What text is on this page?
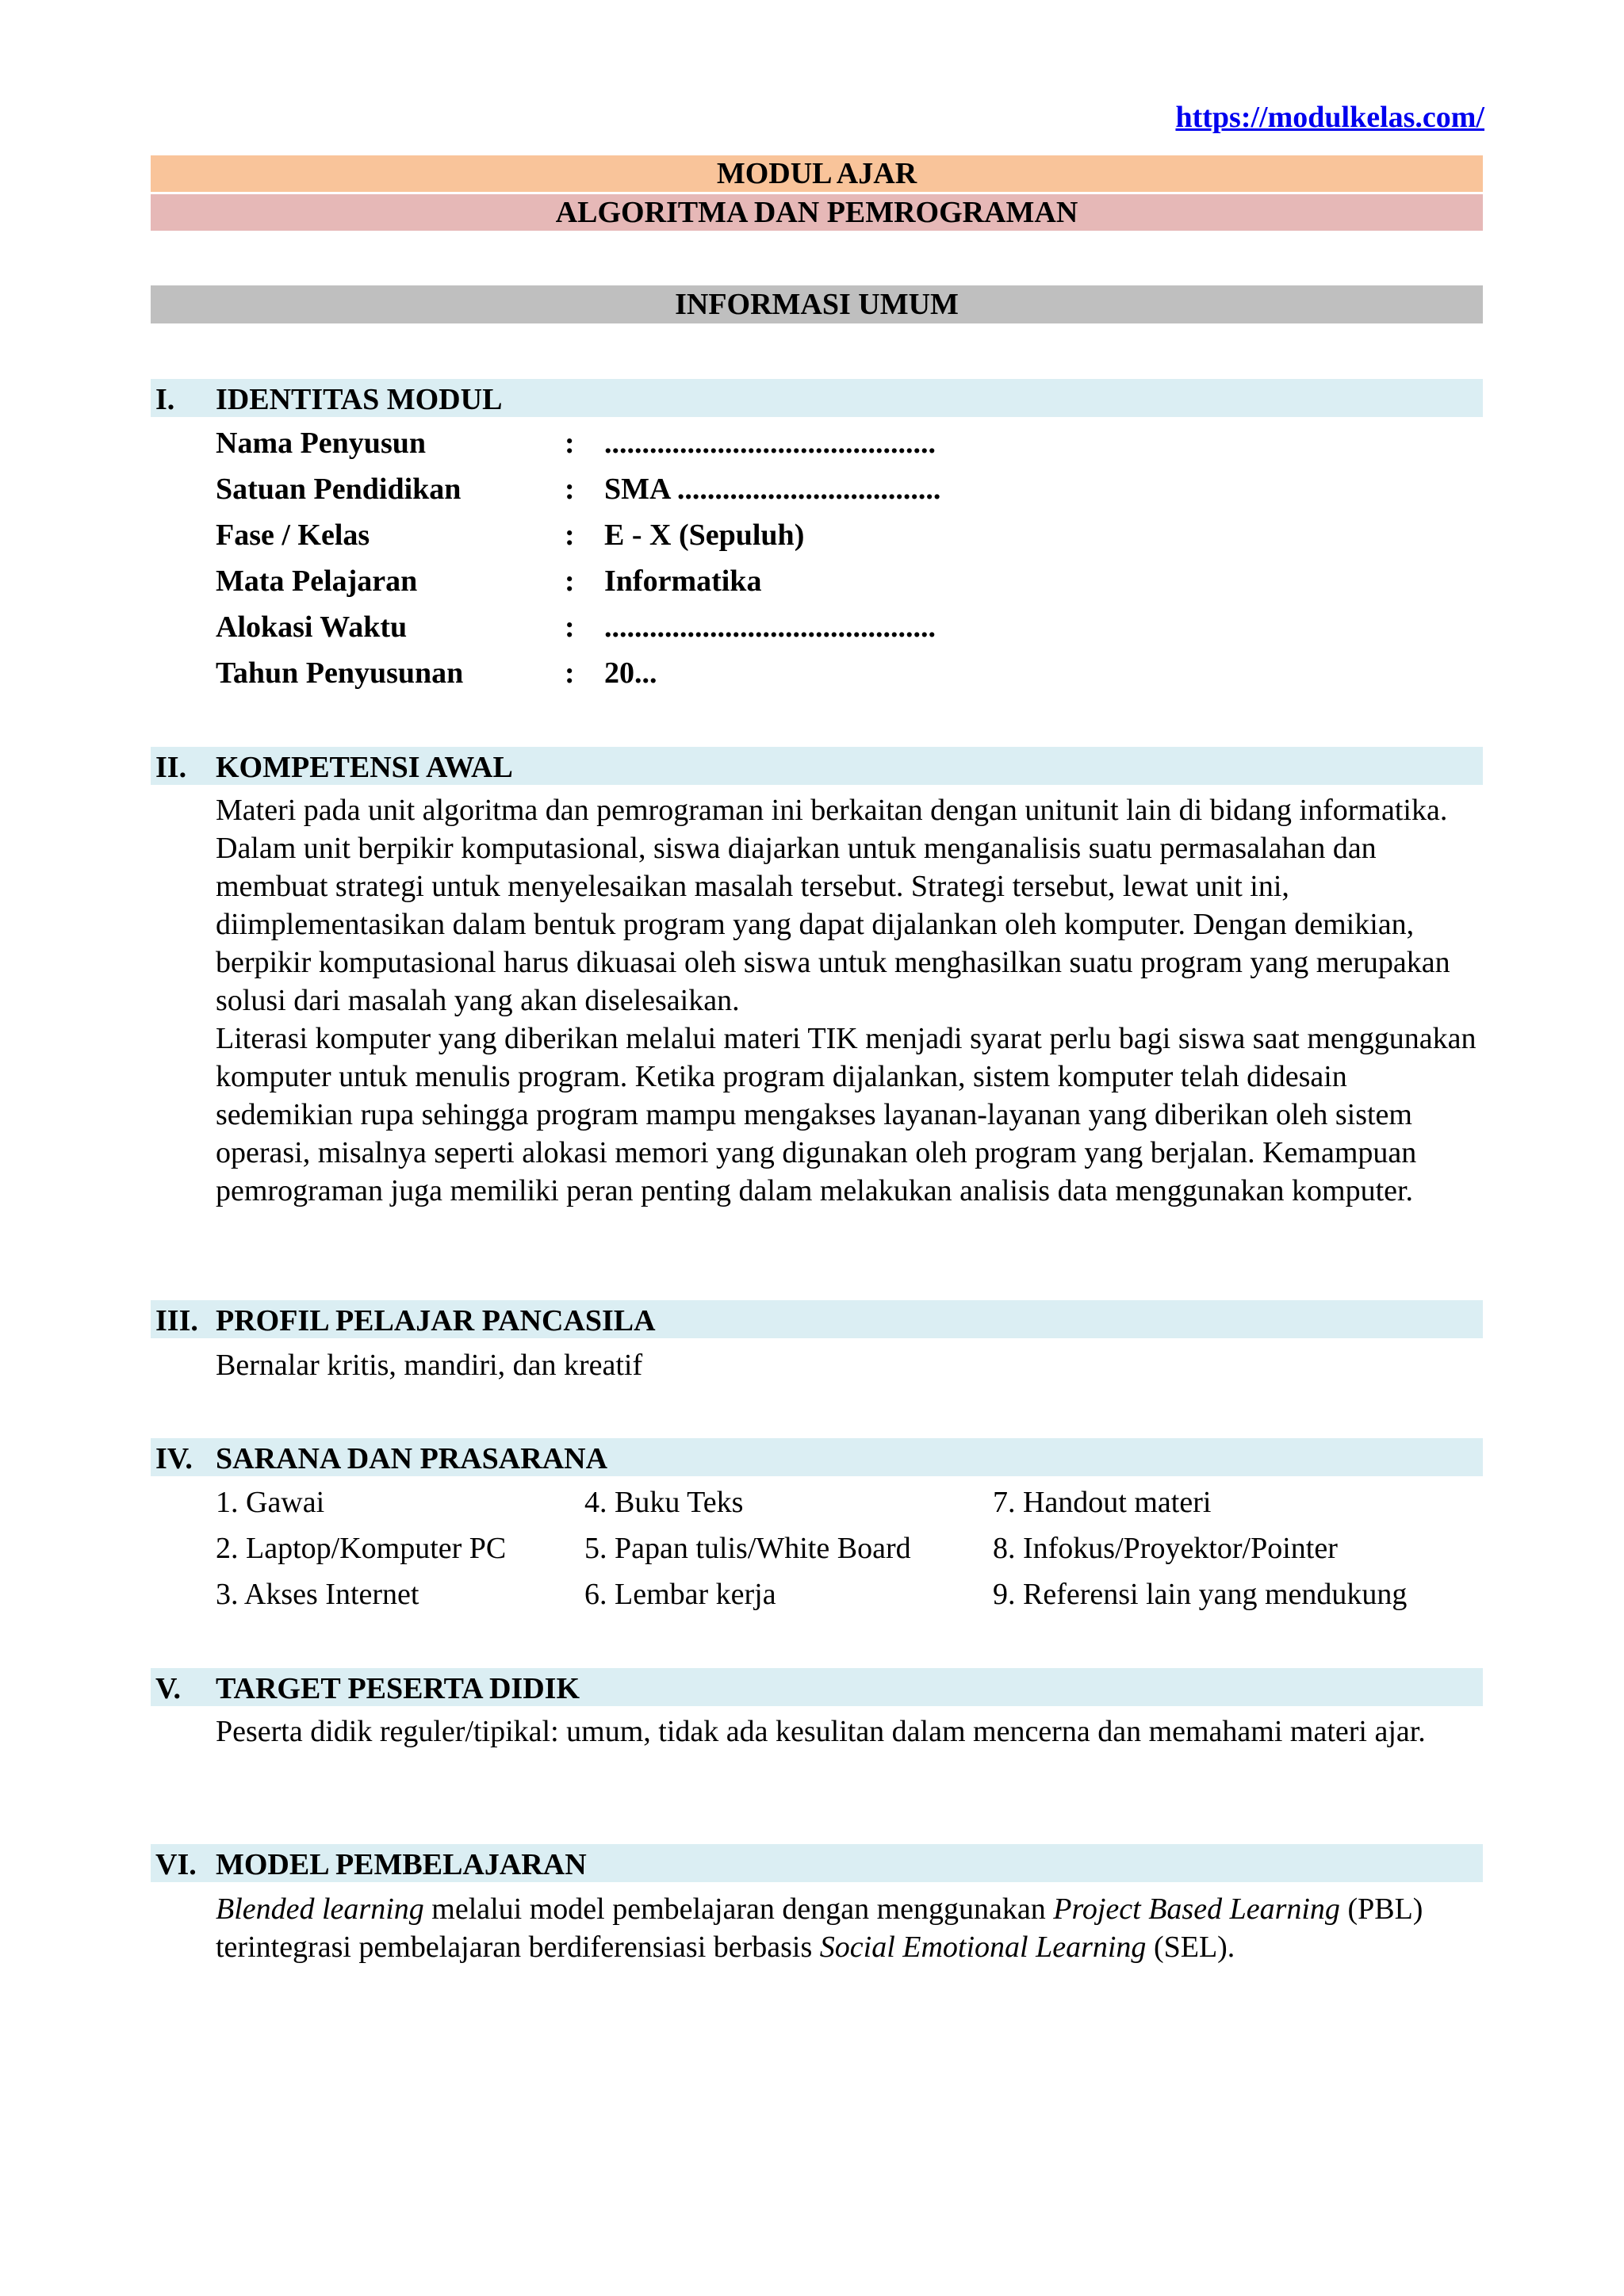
https://modulkelas.com/
MODUL AJAR
ALGORITMA DAN PEMROGRAMAN
INFORMASI UMUM
I. IDENTITAS MODUL
Nama Penyusun	: ............................................
Satuan Pendidikan	: SMA ...................................
Fase / Kelas	: E - X (Sepuluh)
Mata Pelajaran	: Informatika
Alokasi Waktu	: ............................................
Tahun Penyusunan	: 20...
II. KOMPETENSI AWAL

Materi pada unit algoritma dan pemrograman ini berkaitan dengan unitunit lain di bidang informatika. Dalam unit berpikir komputasional, siswa diajarkan untuk menganalisis suatu permasalahan dan membuat strategi untuk menyelesaikan masalah tersebut. Strategi tersebut, lewat unit ini, diimplementasikan dalam bentuk program yang dapat dijalankan oleh komputer. Dengan demikian, berpikir komputasional harus dikuasai oleh siswa untuk menghasilkan suatu program yang merupakan solusi dari masalah yang akan diselesaikan.

Literasi komputer yang diberikan melalui materi TIK menjadi syarat perlu bagi siswa saat menggunakan komputer untuk menulis program. Ketika program dijalankan, sistem komputer telah didesain sedemikian rupa sehingga program mampu mengakses layanan-layanan yang diberikan oleh sistem operasi, misalnya seperti alokasi memori yang digunakan oleh program yang berjalan. Kemampuan pemrograman juga memiliki peran penting dalam melakukan analisis data menggunakan komputer.

III. PROFIL PELAJAR PANCASILA

Bernalar kritis, mandiri, dan kreatif

IV. SARANA DAN PRASARANA
1. Gawai
2. Laptop/Komputer PC
3. Akses Internet
4. Buku Teks
5. Papan tulis/White Board
6. Lembar kerja
7. Handout materi
8. Infokus/Proyektor/Pointer
9. Referensi lain yang mendukung
V. TARGET PESERTA DIDIK

Peserta didik reguler/tipikal: umum, tidak ada kesulitan dalam mencerna dan memahami materi ajar.

VI. MODEL PEMBELAJARAN

Blended learning melalui model pembelajaran dengan menggunakan Project Based Learning (PBL) terintegrasi pembelajaran berdiferensiasi berbasis Social Emotional Learning (SEL).
